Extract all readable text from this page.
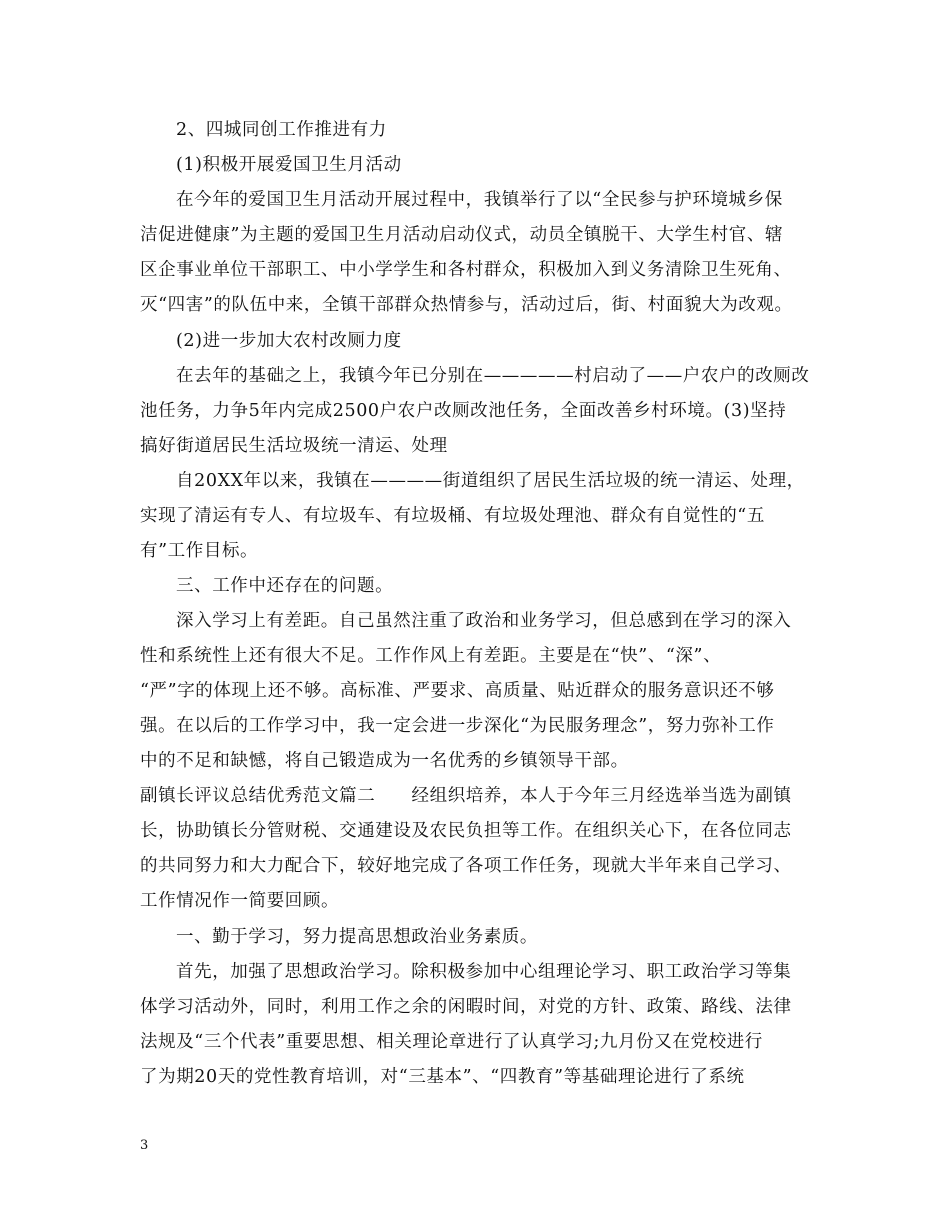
2、四城同创工作推进有力
(1)积极开展爱国卫生月活动
在今年的爱国卫生月活动开展过程中，我镇举行了以“全民参与护环境城乡保
洁促进健康”为主题的爱国卫生月活动启动仪式，动员全镇脱干、大学生村官、辖
区企事业单位干部职工、中小学学生和各村群众，积极加入到义务清除卫生死角、
灭“四害”的队伍中来，全镇干部群众热情参与，活动过后，街、村面貌大为改观。
(2)进一步加大农村改厕力度
在去年的基础之上，我镇今年已分别在—————村启动了——户农户的改厕改
池任务，力争5年内完成2500户农户改厕改池任务，全面改善乡村环境。(3)坚持
搞好街道居民生活垃圾统一清运、处理
自20XX年以来，我镇在————街道组织了居民生活垃圾的统一清运、处理，
实现了清运有专人、有垃圾车、有垃圾桶、有垃圾处理池、群众有自觉性的“五
有”工作目标。
三、工作中还存在的问题。
深入学习上有差距。自己虽然注重了政治和业务学习，但总感到在学习的深入
性和系统性上还有很大不足。工作作风上有差距。主要是在“快”、“深”、
“严”字的体现上还不够。高标准、严要求、高质量、贴近群众的服务意识还不够
强。在以后的工作学习中，我一定会进一步深化“为民服务理念”，努力弥补工作
中的不足和缺憾，将自己锻造成为一名优秀的乡镇领导干部。
副镇长评议总结优秀范文篇二　　经组织培养，本人于今年三月经选举当选为副镇
长，协助镇长分管财税、交通建设及农民负担等工作。在组织关心下，在各位同志
的共同努力和大力配合下，较好地完成了各项工作任务，现就大半年来自己学习、
工作情况作一简要回顾。
一、勤于学习，努力提高思想政治业务素质。
首先，加强了思想政治学习。除积极参加中心组理论学习、职工政治学习等集
体学习活动外，同时，利用工作之余的闲暇时间，对党的方针、政策、路线、法律
法规及“三个代表”重要思想、相关理论章进行了认真学习;九月份又在党校进行
了为期20天的党性教育培训，对“三基本”、“四教育”等基础理论进行了系统
3
